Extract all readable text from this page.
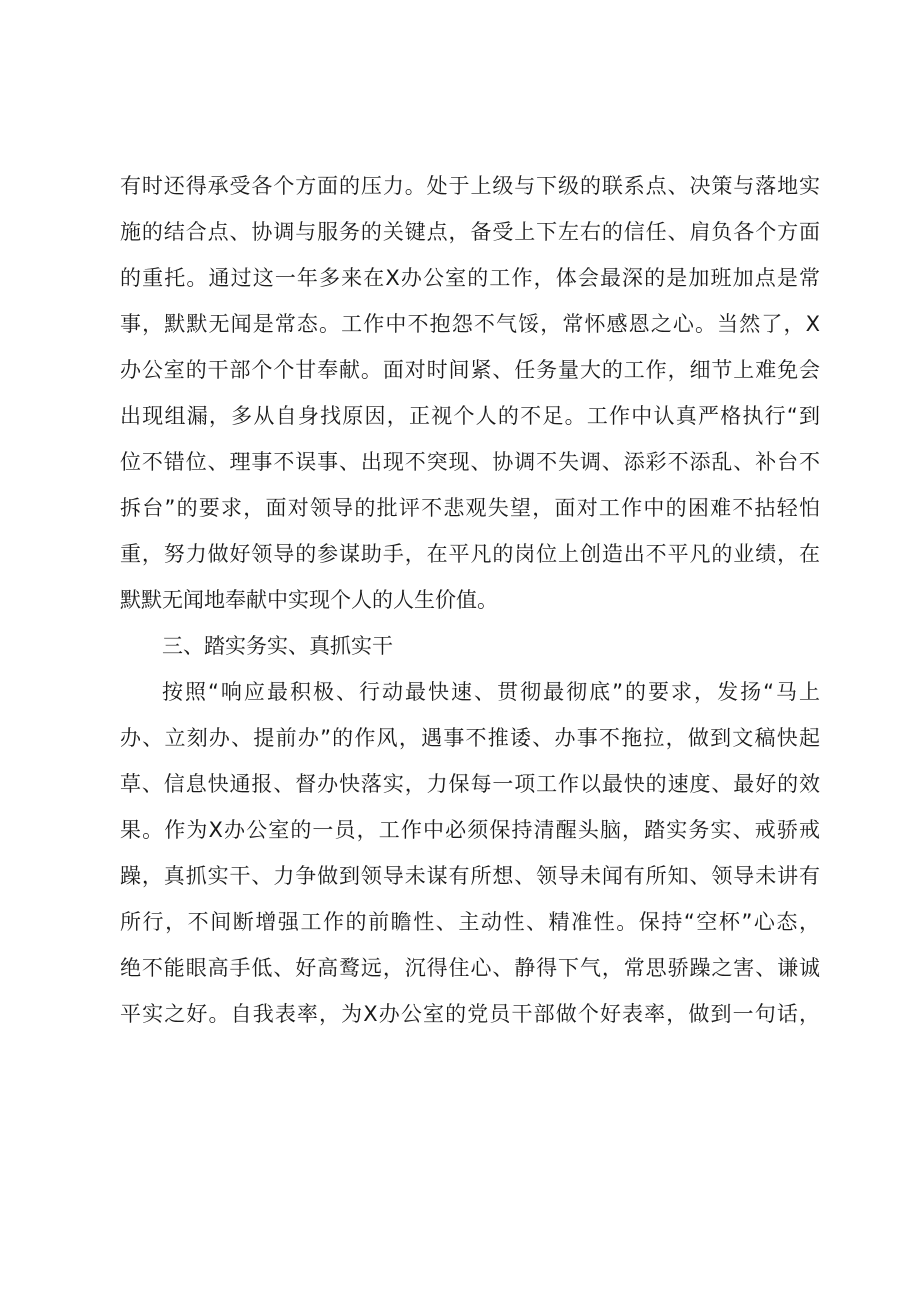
有时还得承受各个方面的压力。处于上级与下级的联系点、决策与落地实
施的结合点、协调与服务的关键点，备受上下左右的信任、肩负各个方面
的重托。通过这一年多来在X办公室的工作，体会最深的是加班加点是常
事，默默无闻是常态。工作中不抱怨不气馁，常怀感恩之心。当然了，X
办公室的干部个个甘奉献。面对时间紧、任务量大的工作，细节上难免会
出现组漏，多从自身找原因，正视个人的不足。工作中认真严格执行“到
位不错位、理事不误事、出现不突现、协调不失调、添彩不添乱、补台不
拆台”的要求，面对领导的批评不悲观失望，面对工作中的困难不拈轻怕
重，努力做好领导的参谋助手，在平凡的岗位上创造出不平凡的业绩，在
默默无闻地奉献中实现个人的人生价值。
三、踏实务实、真抓实干
按照“响应最积极、行动最快速、贯彻最彻底”的要求，发扬“马上
办、立刻办、提前办”的作风，遇事不推诿、办事不拖拉，做到文稿快起
草、信息快通报、督办快落实，力保每一项工作以最快的速度、最好的效
果。作为X办公室的一员，工作中必须保持清醒头脑，踏实务实、戒骄戒
躁，真抓实干、力争做到领导未谋有所想、领导未闻有所知、领导未讲有
所行，不间断增强工作的前瞻性、主动性、精准性。保持“空杯”心态，
绝不能眼高手低、好高鹜远，沉得住心、静得下气，常思骄躁之害、谦诚
平实之好。自我表率，为X办公室的党员干部做个好表率，做到一句话，
